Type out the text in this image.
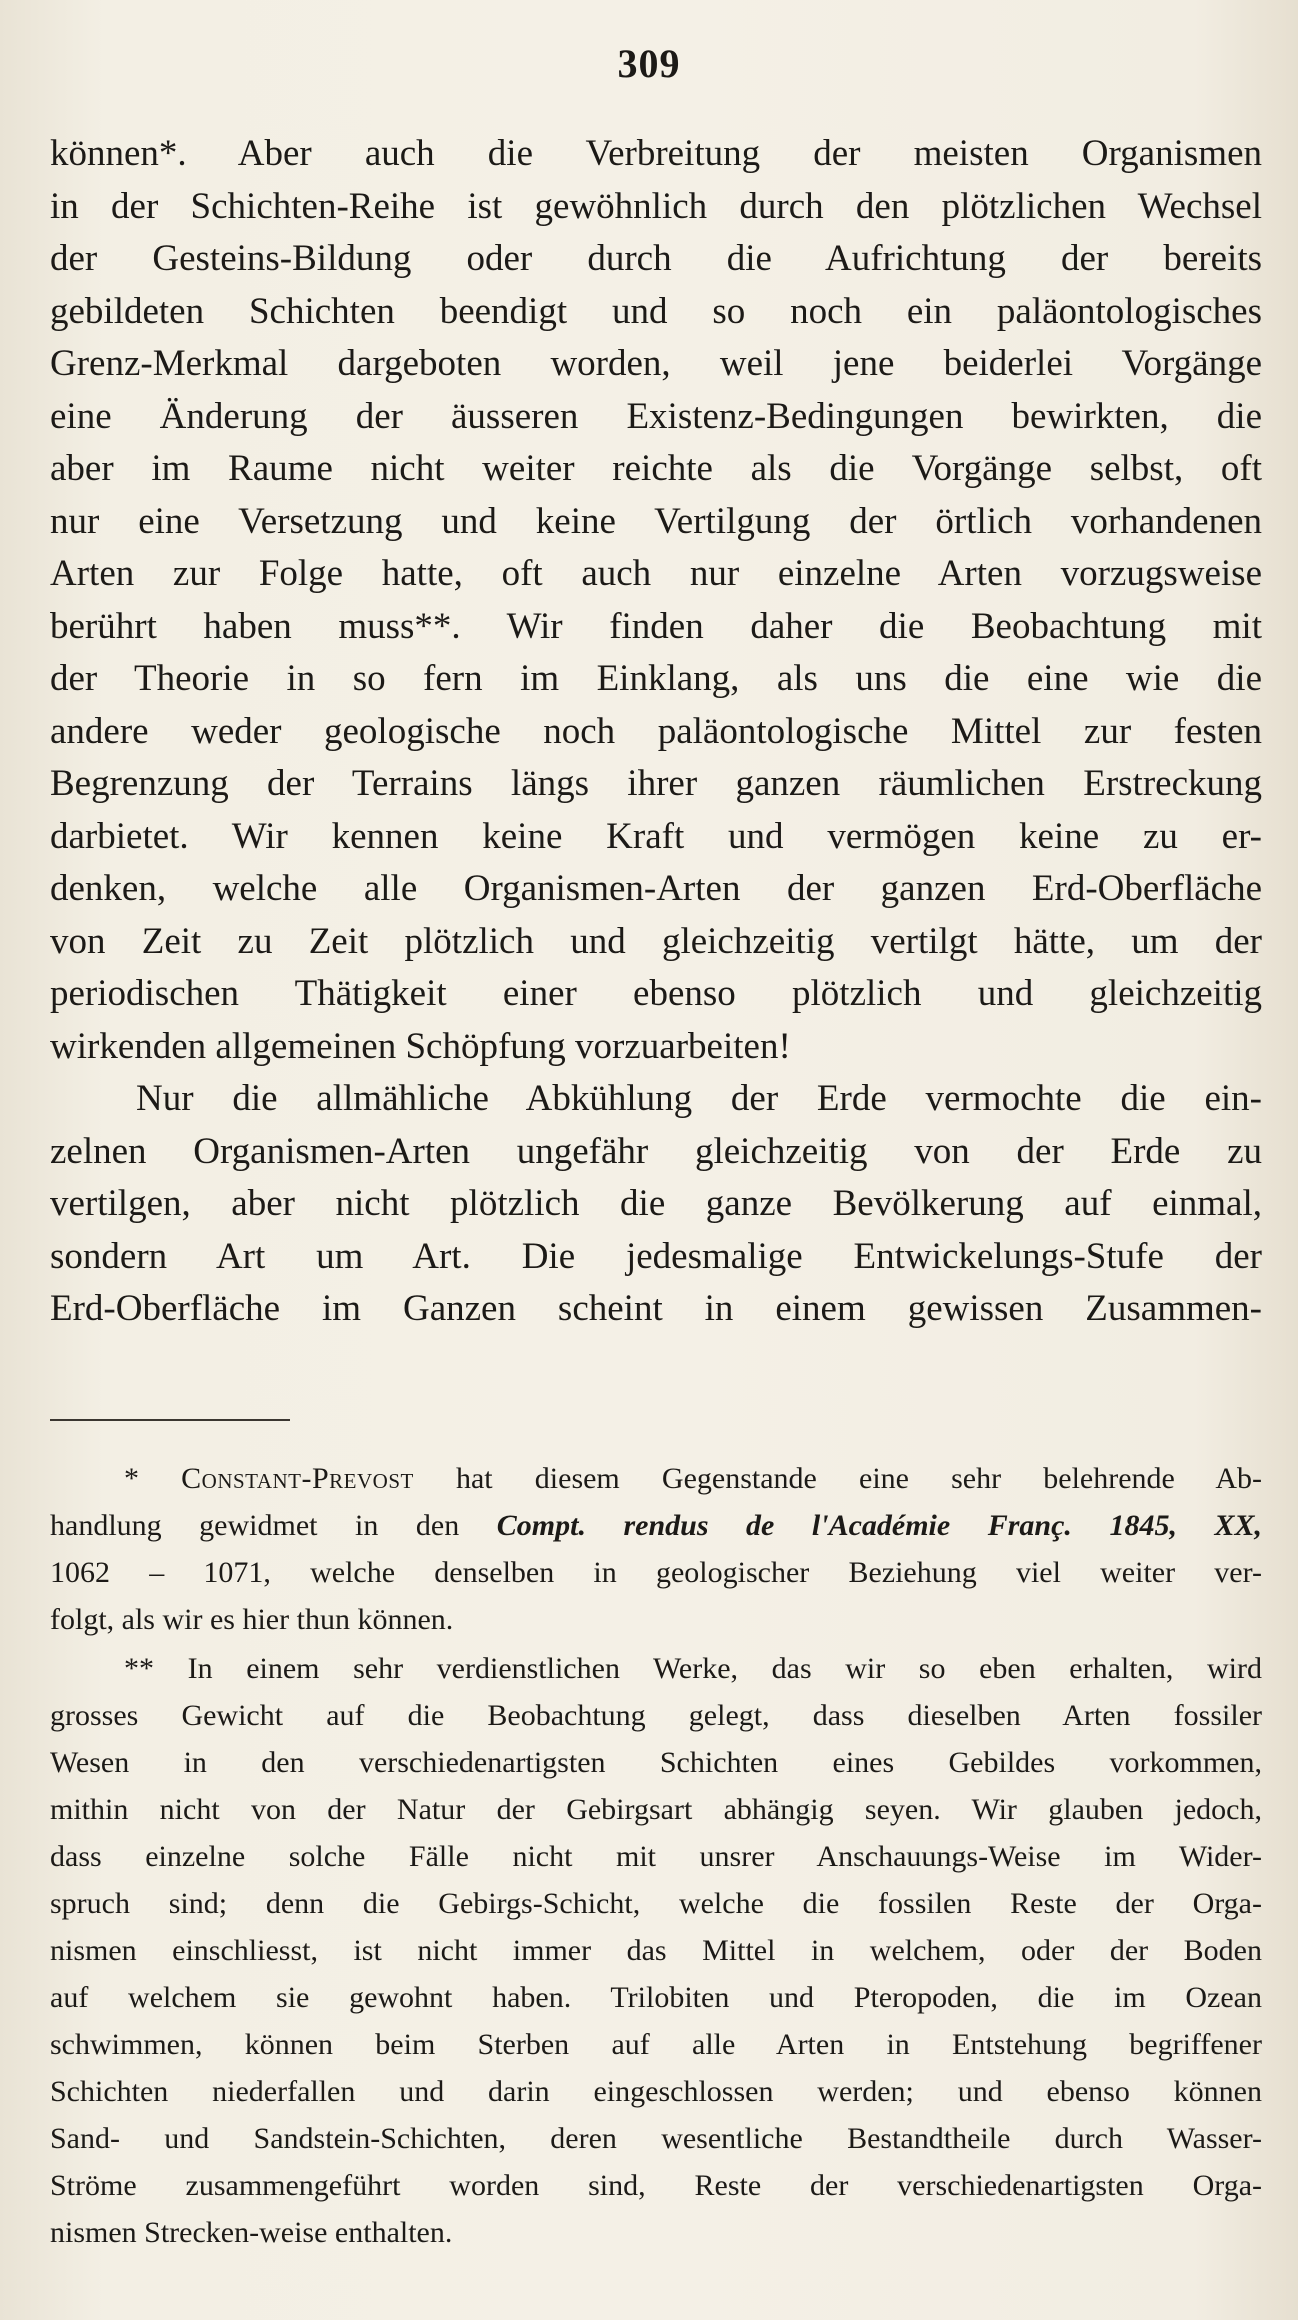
309

können*. Aber auch die Verbreitung der meisten Organismen
in der Schichten-Reihe ist gewöhnlich durch den plötzlichen Wechsel
der Gesteins-Bildung oder durch die Aufrichtung der bereits
gebildeten Schichten beendigt und so noch ein paläontologisches
Grenz-Merkmal dargeboten worden, weil jene beiderlei Vorgänge
eine Änderung der äusseren Existenz-Bedingungen bewirkten, die
aber im Raume nicht weiter reichte als die Vorgänge selbst, oft
nur eine Versetzung und keine Vertilgung der örtlich vorhandenen
Arten zur Folge hatte, oft auch nur einzelne Arten vorzugsweise
berührt haben muss**. Wir finden daher die Beobachtung mit
der Theorie in so fern im Einklang, als uns die eine wie die
andere weder geologische noch paläontologische Mittel zur festen
Begrenzung der Terrains längs ihrer ganzen räumlichen Erstreckung
darbietet. Wir kennen keine Kraft und vermögen keine zu er-
denken, welche alle Organismen-Arten der ganzen Erd-Oberfläche
von Zeit zu Zeit plötzlich und gleichzeitig vertilgt hätte, um der
periodischen Thätigkeit einer ebenso plötzlich und gleichzeitig
wirkenden allgemeinen Schöpfung vorzuarbeiten!

Nur die allmähliche Abkühlung der Erde vermochte die ein-
zelnen Organismen-Arten ungefähr gleichzeitig von der Erde zu
vertilgen, aber nicht plötzlich die ganze Bevölkerung auf einmal,
sondern Art um Art. Die jedesmalige Entwickelungs-Stufe der
Erd-Oberfläche im Ganzen scheint in einem gewissen Zusammen-

* Constant-Prevost hat diesem Gegenstande eine sehr belehrende Ab-
handlung gewidmet in den Compt. rendus de l'Académie Franç. 1845, XX,
1062 – 1071, welche denselben in geologischer Beziehung viel weiter ver-
folgt, als wir es hier thun können.
** In einem sehr verdienstlichen Werke, das wir so eben erhalten, wird
grosses Gewicht auf die Beobachtung gelegt, dass dieselben Arten fossiler
Wesen in den verschiedenartigsten Schichten eines Gebildes vorkommen,
mithin nicht von der Natur der Gebirgsart abhängig seyen. Wir glauben jedoch,
dass einzelne solche Fälle nicht mit unsrer Anschauungs-Weise im Wider-
spruch sind; denn die Gebirgs-Schicht, welche die fossilen Reste der Orga-
nismen einschliesst, ist nicht immer das Mittel in welchem, oder der Boden
auf welchem sie gewohnt haben. Trilobiten und Pteropoden, die im Ozean
schwimmen, können beim Sterben auf alle Arten in Entstehung begriffener
Schichten niederfallen und darin eingeschlossen werden; und ebenso können
Sand- und Sandstein-Schichten, deren wesentliche Bestandtheile durch Wasser-
Ströme zusammengeführt worden sind, Reste der verschiedenartigsten Orga-
nismen Strecken-weise enthalten.
